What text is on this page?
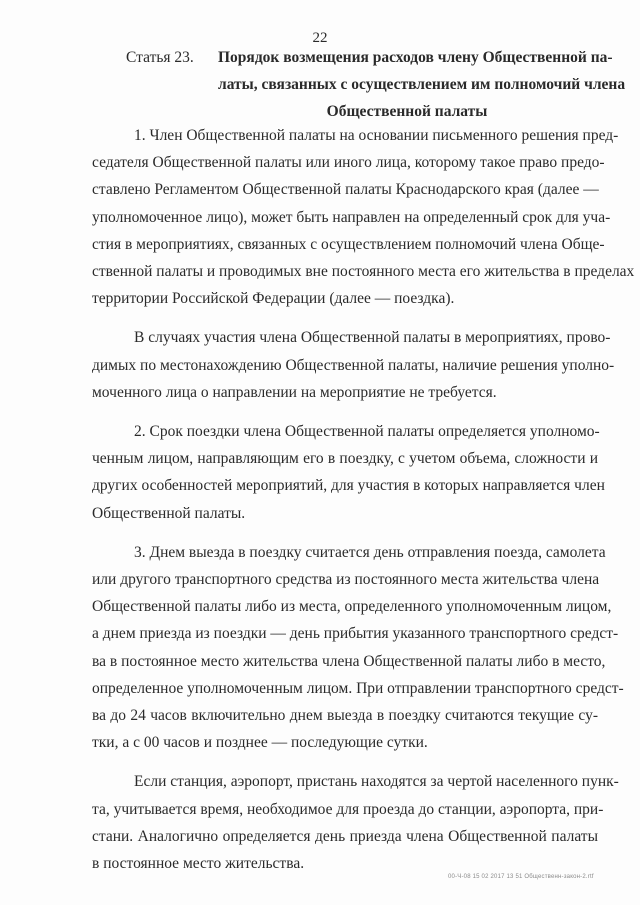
22
Статья 23. Порядок возмещения расходов члену Общественной па-
латы, связанных с осуществлением им полномочий члена
Общественной палаты
1. Член Общественной палаты на основании письменного решения пред-
седателя Общественной палаты или иного лица, которому такое право предо-
ставлено Регламентом Общественной палаты Краснодарского края (далее —
уполномоченное лицо), может быть направлен на определенный срок для уча-
стия в мероприятиях, связанных с осуществлением полномочий члена Обще-
ственной палаты и проводимых вне постоянного места его жительства в пределах
территории Российской Федерации (далее — поездка).
В случаях участия члена Общественной палаты в мероприятиях, прово-
димых по местонахождению Общественной палаты, наличие решения уполно-
моченного лица о направлении на мероприятие не требуется.
2. Срок поездки члена Общественной палаты определяется уполномо-
ченным лицом, направляющим его в поездку, с учетом объема, сложности и
других особенностей мероприятий, для участия в которых направляется член
Общественной палаты.
3. Днем выезда в поездку считается день отправления поезда, самолета
или другого транспортного средства из постоянного места жительства члена
Общественной палаты либо из места, определенного уполномоченным лицом,
а днем приезда из поездки — день прибытия указанного транспортного средст-
ва в постоянное место жительства члена Общественной палаты либо в место,
определенное уполномоченным лицом. При отправлении транспортного средст-
ва до 24 часов включительно днем выезда в поездку считаются текущие су-
тки, а с 00 часов и позднее — последующие сутки.
Если станция, аэропорт, пристань находятся за чертой населенного пунк-
та, учитывается время, необходимое для проезда до станции, аэропорта, при-
стани. Аналогично определяется день приезда члена Общественной палаты
в постоянное место жительства.
00-Ч-08 15 02 2017 13 51 Общественн-закон-2.rtf
